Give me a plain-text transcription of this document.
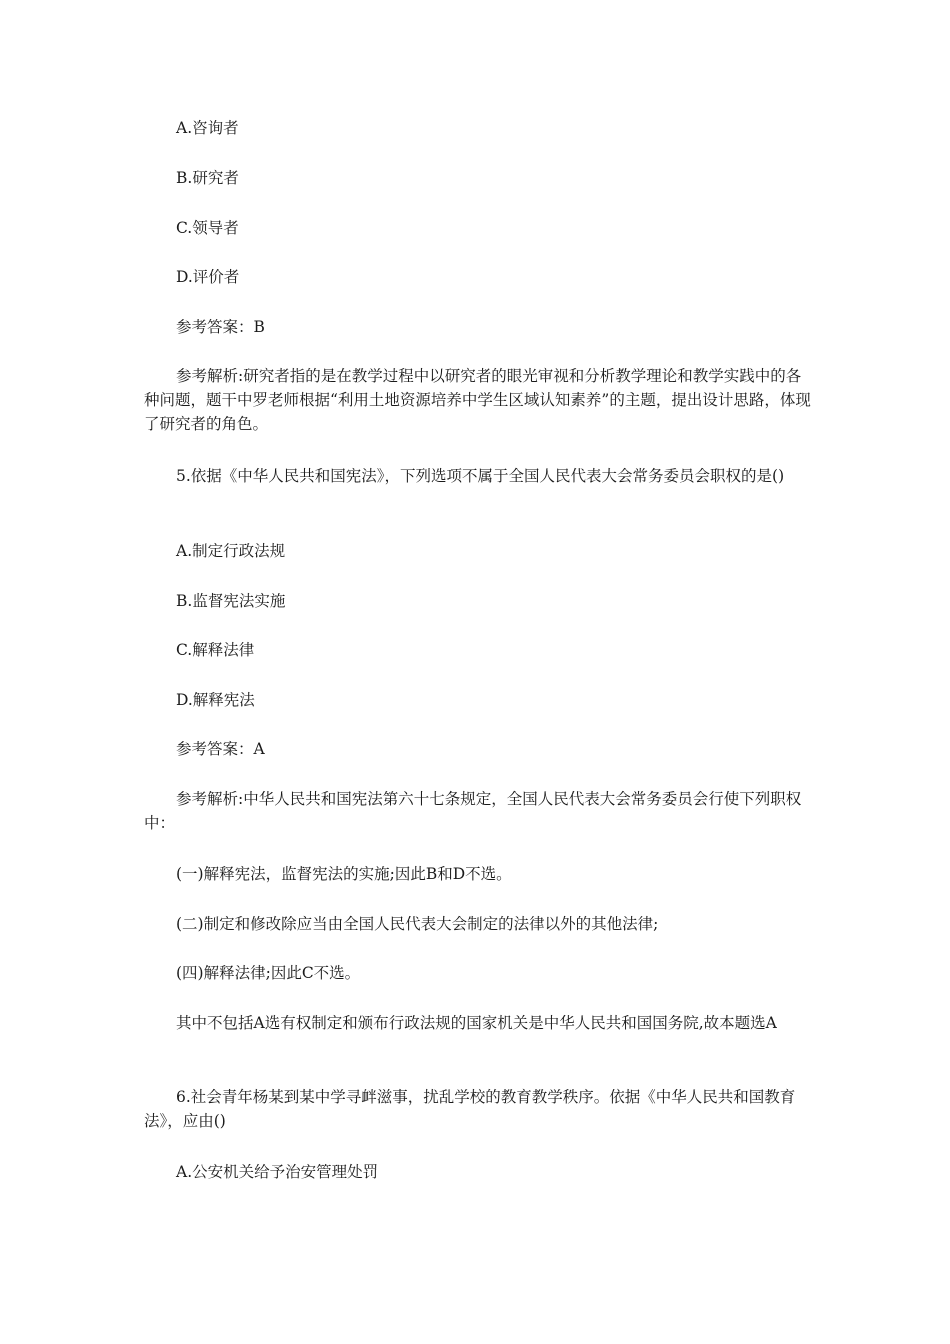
A.咨询者

B.研究者

C.领导者

D.评价者

参考答案：B

参考解析:研究者指的是在教学过程中以研究者的眼光审视和分析教学理论和教学实践中的各种问题，题干中罗老师根据“利用土地资源培养中学生区域认知素养”的主题，提出设计思路，体现了研究者的角色。

5.依据《中华人民共和国宪法》，下列选项不属于全国人民代表大会常务委员会职权的是()

A.制定行政法规

B.监督宪法实施

C.解释法律

D.解释宪法

参考答案：A

参考解析:中华人民共和国宪法第六十七条规定，全国人民代表大会常务委员会行使下列职权中：

(一)解释宪法，监督宪法的实施;因此B和D不选。

(二)制定和修改除应当由全国人民代表大会制定的法律以外的其他法律;

(四)解释法律;因此C不选。

其中不包括A选有权制定和颁布行政法规的国家机关是中华人民共和国国务院,故本题选A

6.社会青年杨某到某中学寻衅滋事，扰乱学校的教育教学秩序。依据《中华人民共和国教育法》，应由()

A.公安机关给予治安管理处罚
